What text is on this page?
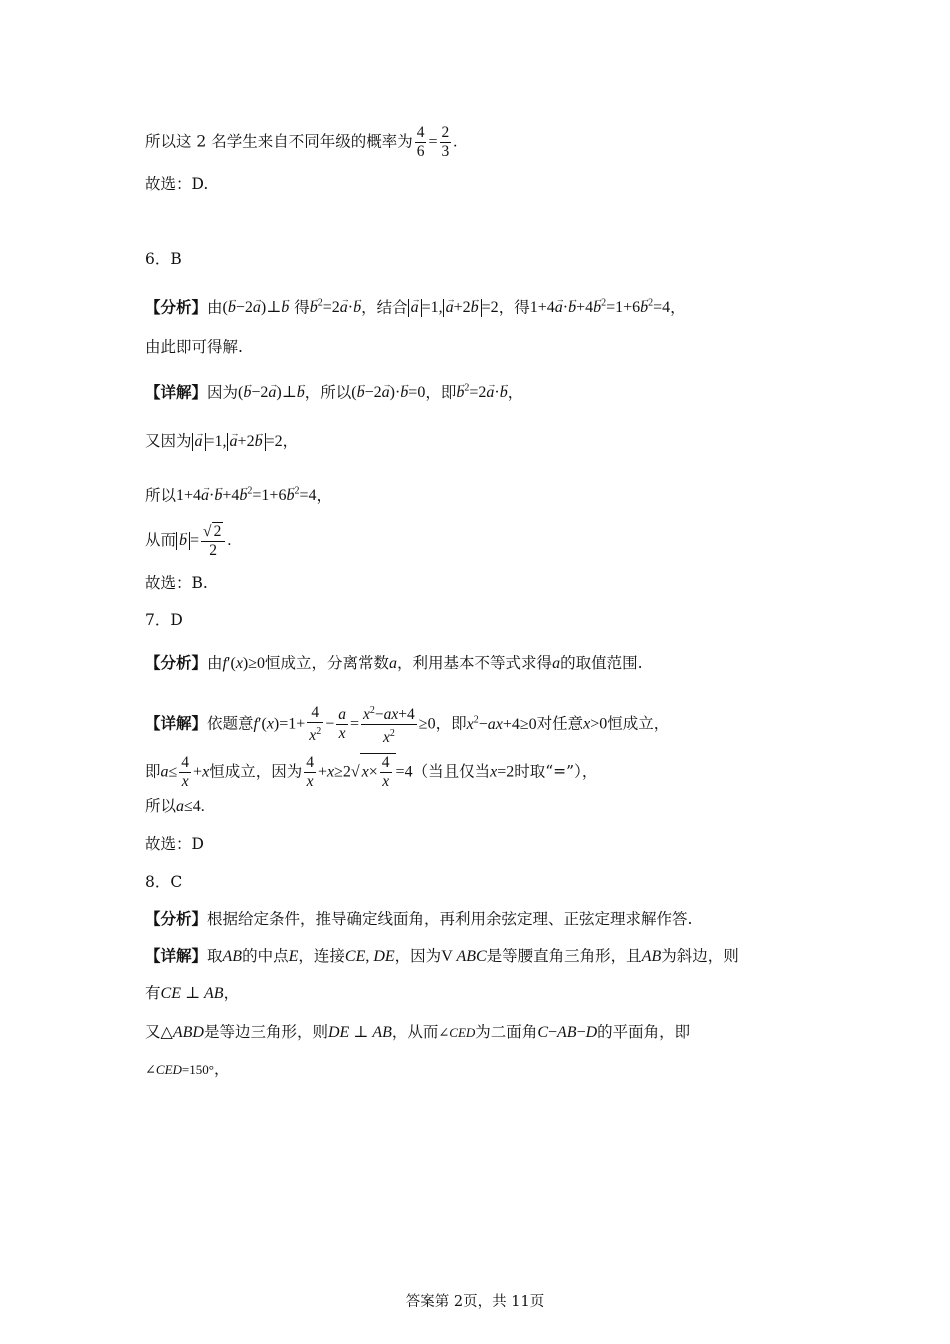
所以这 2 名学生来自不同年级的概率为 $\frac{4}{6} = \frac{2}{3}$ .
故选：D.
6．B
【分析】由(→ b−2→ a)⊥→ b 得→ $b^2=2\to a\cdot\to b$，结合 → a =1, → a+2→ b =2，得$1+4\to a\cdot\to b+4\to b^2=1+6\to b^2=4$，
由此即可得解.
【详解】因为(→ b−2→ a)⊥→ b，所以(→ b−2→ a)·→ b=0，即→ $b^2=2\to a\cdot\to b$，
又因为 → a =1, → a+2→ b =2，
所以$1+4\to a\cdot\to b+4\to b^2=1+6\to b^2=4$，
从而 → $b = \frac{√ 2}{2}$ .
故选：B.
7．D
【分析】由f′(x)≥0恒成立，分离常数a，利用基本不等式求得a的取值范围.
【详解】依题意$f'(x)=1+ \frac{4}{x^2} - \frac{a}{x} = \frac{x^2-ax+4}{x^2} \ge 0$，即$x^2-ax+4\ge 0$对任意x>0恒成立，
即$a\le \frac{4}{x} +x$恒成立，因为 $\frac{4}{x} +x\ge 2√$ $x\times \frac{4}{x} =4$（当且仅当x=2时取“=”），
所以a≤4.
故选：D
8．C
【分析】根据给定条件，推导确定线面角，再利用余弦定理、正弦定理求解作答.
【详解】取AB的中点E，连接CE, DE，因为V ABC是等腰直角三角形，且AB为斜边，则
有CE ⊥ AB，
又△ABD是等边三角形，则DE ⊥ AB，从而∠CED为二面角C−AB−D的平面角，即
∠CED=150°，
答案第 2页，共 11页
